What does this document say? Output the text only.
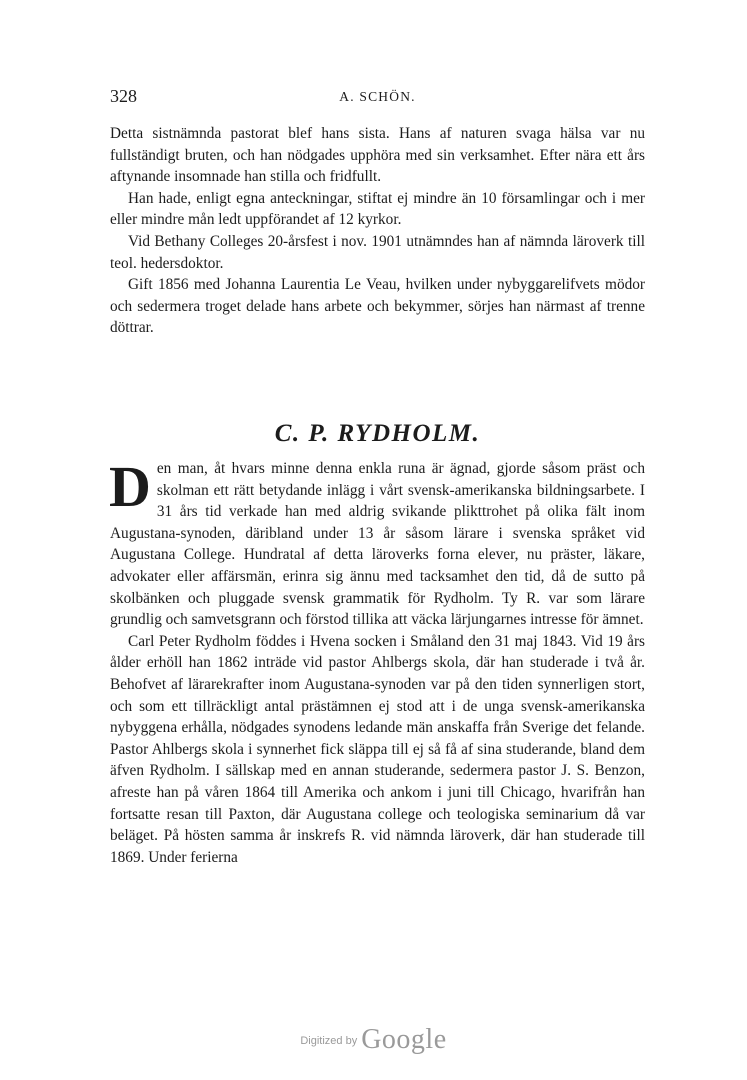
328	A. SCHÖN.

Detta sistnämnda pastorat blef hans sista. Hans af naturen svaga hälsa var nu fullständigt bruten, och han nödgades upphöra med sin verksamhet. Efter nära ett års aftynande insomnade han stilla och fridfullt.

Han hade, enligt egna anteckningar, stiftat ej mindre än 10 församlingar och i mer eller mindre mån ledt uppförandet af 12 kyrkor.

Vid Bethany Colleges 20-årsfest i nov. 1901 utnämndes han af nämnda läroverk till teol. hedersdoktor.

Gift 1856 med Johanna Laurentia Le Veau, hvilken under nybyggarelifvets mödor och sedermera troget delade hans arbete och bekymmer, sörjes han närmast af trenne döttrar.

C. P. RYDHOLM.

Den man, åt hvars minne denna enkla runa är ägnad, gjorde såsom präst och skolman ett rätt betydande inlägg i vårt svensk-amerikanska bildningsarbete. I 31 års tid verkade han med aldrig svikande plikttrohet på olika fält inom Augustana-synoden, däribland under 13 år såsom lärare i svenska språket vid Augustana College. Hundratal af detta läroverks forna elever, nu präster, läkare, advokater eller affärsmän, erinra sig ännu med tacksamhet den tid, då de sutto på skolbänken och pluggade svensk grammatik för Rydholm. Ty R. var som lärare grundlig och samvetsgrann och förstod tillika att väcka lärjungarnes intresse för ämnet.

Carl Peter Rydholm föddes i Hvena socken i Småland den 31 maj 1843. Vid 19 års ålder erhöll han 1862 inträde vid pastor Ahlbergs skola, där han studerade i två år. Behofvet af lärarekrafter inom Augustana-synoden var på den tiden synnerligen stort, och som ett tillräckligt antal prästämnen ej stod att i de unga svensk-amerikanska nybyggena erhålla, nödgades synodens ledande män anskaffa från Sverige det felande. Pastor Ahlbergs skola i synnerhet fick släppa till ej så få af sina studerande, bland dem äfven Rydholm. I sällskap med en annan studerande, sedermera pastor J. S. Benzon, afreste han på våren 1864 till Amerika och ankom i juni till Chicago, hvarifrån han fortsatte resan till Paxton, där Augustana college och teologiska seminarium då var beläget. På hösten samma år inskrefs R. vid nämnda läroverk, där han studerade till 1869. Under ferierna

$^{Digitized by}$ Google
